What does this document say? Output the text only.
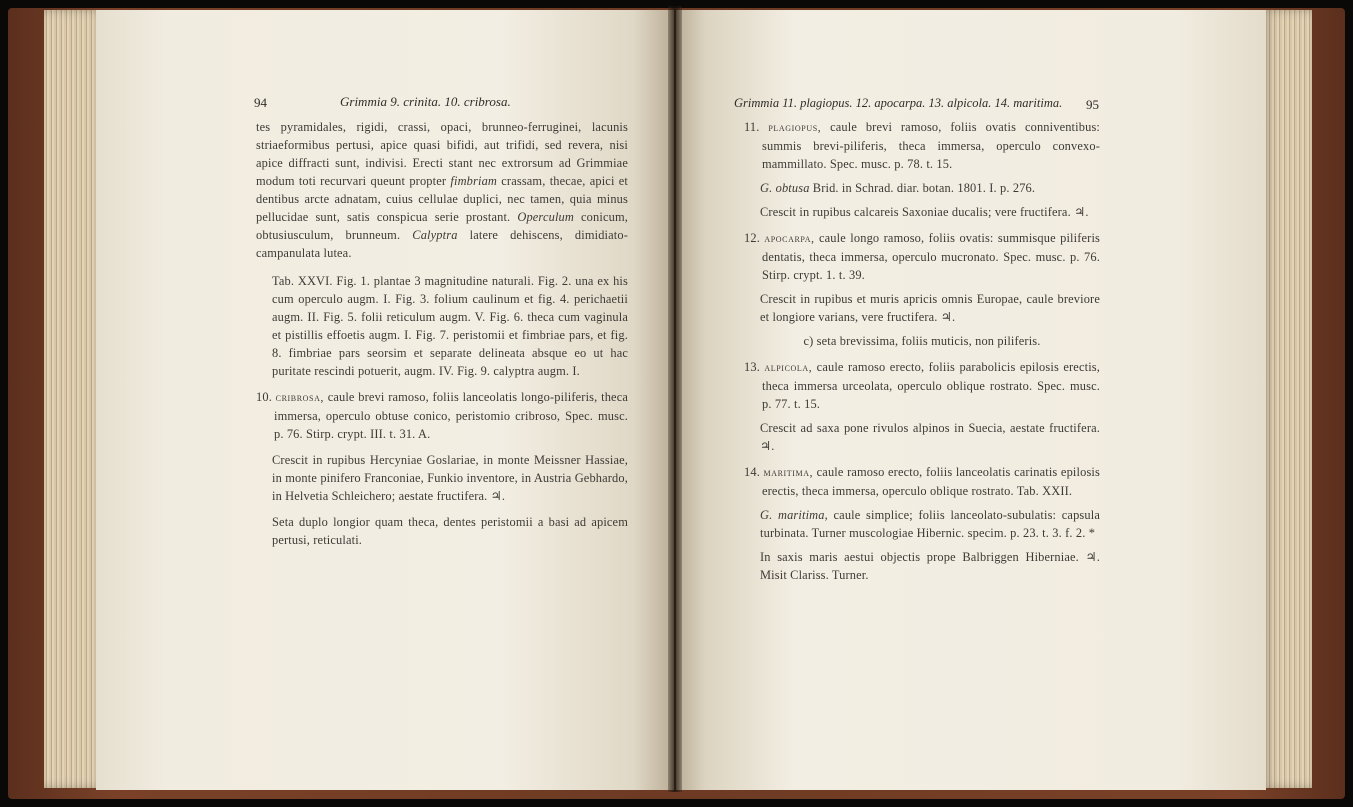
94	Grimmia 9. crinita. 10. cribrosa.

tes pyramidales, rigidi, crassi, opaci, brunneo-ferruginei, lacunis striaeformibus pertusi, apice quasi bifidi, aut trifidi, sed revera, nisi apice diffracti sunt, indivisi. Erecti stant nec extrorsum ad Grimmiae modum toti recurvari queunt propter fimbriam crassam, thecae, apici et dentibus arcte adnatam, cuius cellulae duplici, nec tamen, quia minus pellucidae sunt, satis conspicua serie prostant. Operculum conicum, obtusiusculum, brunneum. Calyptra latere dehiscens, dimidiato-campanulata lutea.

Tab. XXVI. Fig. 1. plantae 3 magnitudine naturali. Fig. 2. una ex his cum operculo augm. I. Fig. 3. folium caulinum et fig. 4. perichaetii augm. II. Fig. 5. folii reticulum augm. V. Fig. 6. theca cum vaginula et pistillis effoetis augm. I. Fig. 7. peristomii et fimbriae pars, et fig. 8. fimbriae pars seorsim et separate delineata absque eo ut hac puritate rescindi potuerit, augm. IV. Fig. 9. calyptra augm. I.

10. cribrosa, caule brevi ramoso, foliis lanceolatis longo-piliferis, theca immersa, operculo obtuse conico, peristomio cribroso, Spec. musc. p. 76. Stirp. crypt. III. t. 31. A.

Crescit in rupibus Hercyniae Goslariae, in monte Meissner Hassiae, in monte pinifero Franconiae, Funkio inventore, in Austria Gebhardo, in Helvetia Schleichero; aestate fructifera. ♃.

Seta duplo longior quam theca, dentes peristomii a basi ad apicem pertusi, reticulati.

Grimmia 11. plagiopus. 12. apocarpa. 13. alpicola. 14. maritima. 95

11. plagiopus, caule brevi ramoso, foliis ovatis conniventibus: summis brevi-piliferis, theca immersa, operculo convexo-mammillato. Spec. musc. p. 78. t. 15.

G. obtusa Brid. in Schrad. diar. botan. 1801. I. p. 276.

Crescit in rupibus calcareis Saxoniae ducalis; vere fructifera. ♃.

12. apocarpa, caule longo ramoso, foliis ovatis: summisque piliferis dentatis, theca immersa, operculo mucronato. Spec. musc. p. 76. Stirp. crypt. 1. t. 39.

Crescit in rupibus et muris apricis omnis Europae, caule breviore et longiore varians, vere fructifera. ♃.

c) seta brevissima, foliis muticis, non piliferis.

13. alpicola, caule ramoso erecto, foliis parabolicis epilosis erectis, theca immersa urceolata, operculo oblique rostrato. Spec. musc. p. 77. t. 15.

Crescit ad saxa pone rivulos alpinos in Suecia, aestate fructifera. ♃.

14. maritima, caule ramoso erecto, foliis lanceolatis carinatis epilosis erectis, theca immersa, operculo oblique rostrato. Tab. XXII.

G. maritima, caule simplice; foliis lanceolato-subulatis: capsula turbinata. Turner muscologiae Hibernic. specim. p. 23. t. 3. f. 2. *

In saxis maris aestui objectis prope Balbriggen Hiberniae. ♃. Misit Clariss. Turner.
